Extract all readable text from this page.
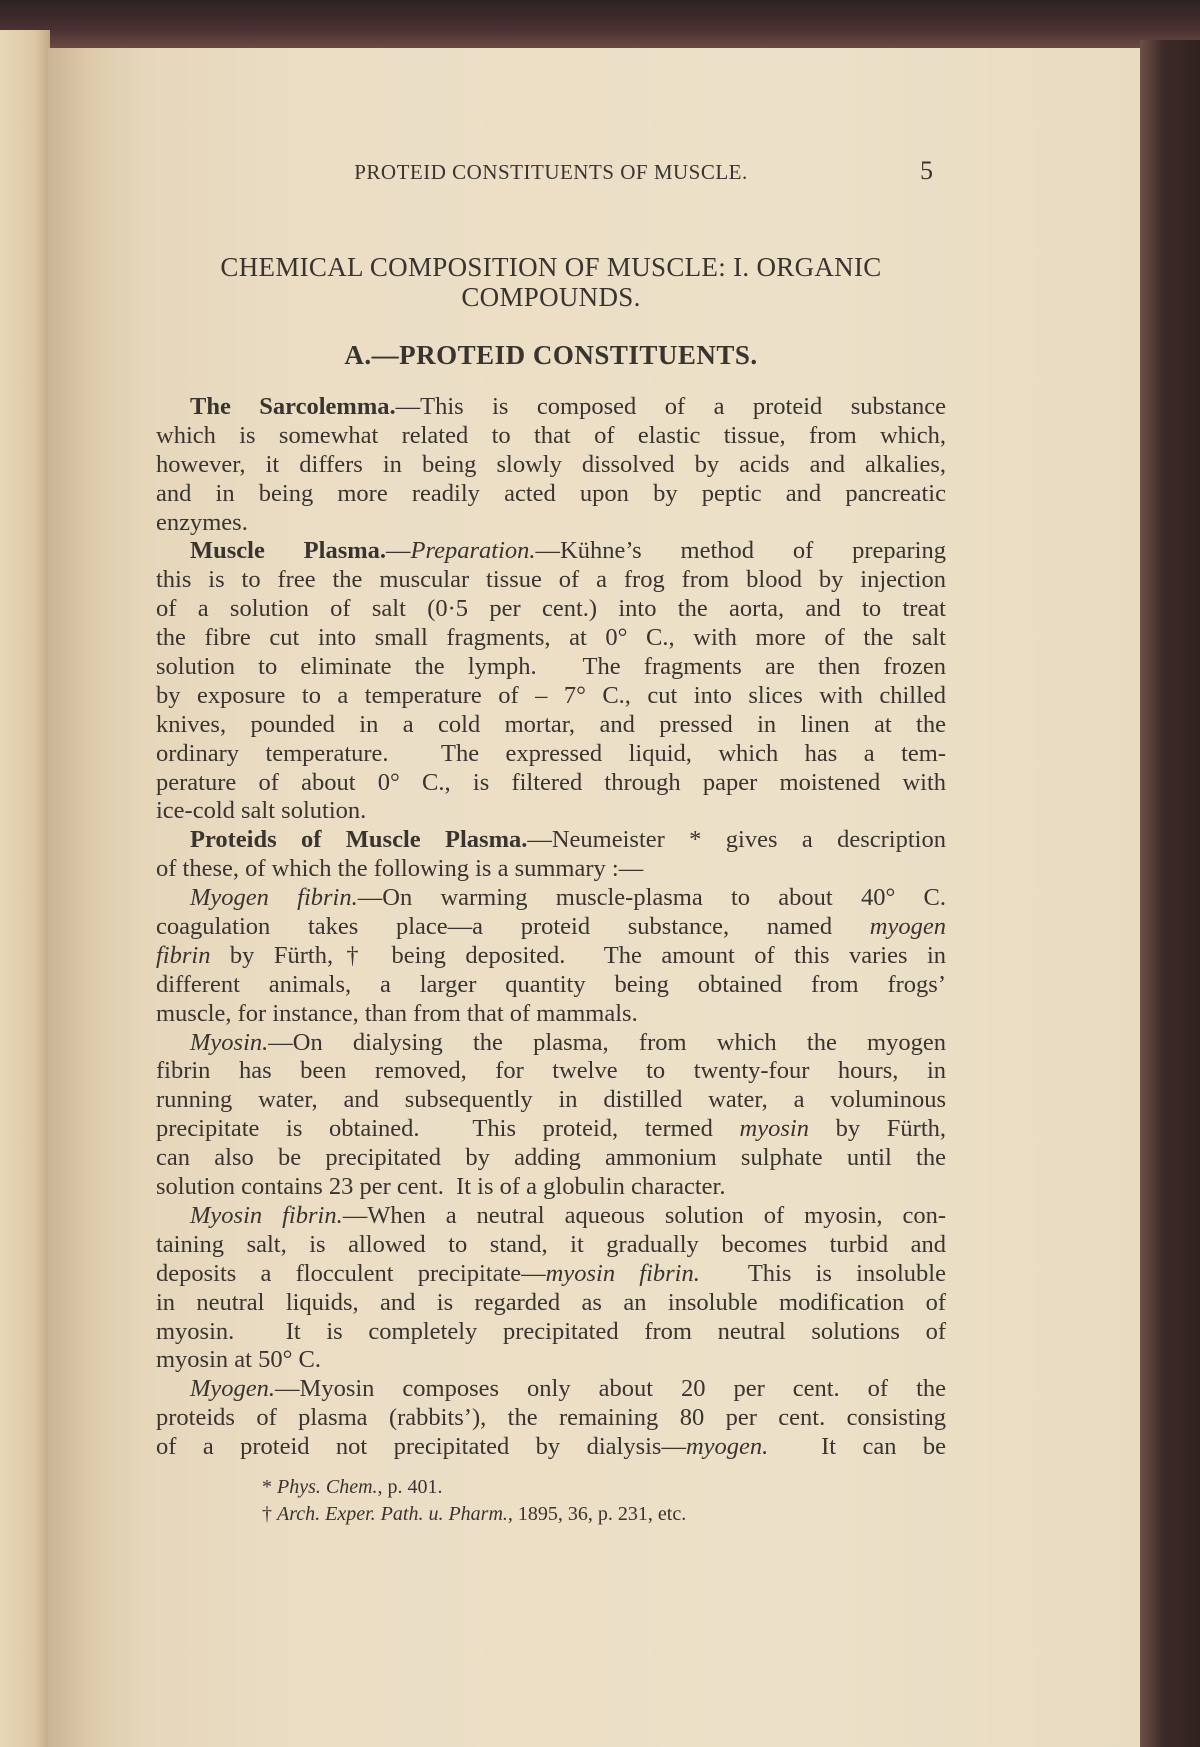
PROTEID CONSTITUENTS OF MUSCLE.	5
CHEMICAL COMPOSITION OF MUSCLE: I. ORGANIC
COMPOUNDS.
A.—PROTEID CONSTITUENTS.
The Sarcolemma.—This is composed of a proteid substance
which is somewhat related to that of elastic tissue, from which,
however, it differs in being slowly dissolved by acids and alkalies,
and in being more readily acted upon by peptic and pancreatic
enzymes.
Muscle Plasma.—Preparation.—Kühne’s method of preparing
this is to free the muscular tissue of a frog from blood by injection
of a solution of salt (0·5 per cent.) into the aorta, and to treat
the fibre cut into small fragments, at 0° C., with more of the salt
solution to eliminate the lymph.  The fragments are then frozen
by exposure to a temperature of – 7° C., cut into slices with chilled
knives, pounded in a cold mortar, and pressed in linen at the
ordinary temperature.  The expressed liquid, which has a tem-
perature of about 0° C., is filtered through paper moistened with
ice-cold salt solution.
Proteids of Muscle Plasma.—Neumeister * gives a description
of these, of which the following is a summary :—
Myogen fibrin.—On warming muscle-plasma to about 40° C.
coagulation takes place—a proteid substance, named myogen
fibrin by Fürth,† being deposited.  The amount of this varies in
different animals, a larger quantity being obtained from frogs’
muscle, for instance, than from that of mammals.
Myosin.—On dialysing the plasma, from which the myogen
fibrin has been removed, for twelve to twenty-four hours, in
running water, and subsequently in distilled water, a voluminous
precipitate is obtained.  This proteid, termed myosin by Fürth,
can also be precipitated by adding ammonium sulphate until the
solution contains 23 per cent.  It is of a globulin character.
Myosin fibrin.—When a neutral aqueous solution of myosin, con-
taining salt, is allowed to stand, it gradually becomes turbid and
deposits a flocculent precipitate—myosin fibrin.  This is insoluble
in neutral liquids, and is regarded as an insoluble modification of
myosin.  It is completely precipitated from neutral solutions of
myosin at 50° C.
Myogen.—Myosin composes only about 20 per cent. of the
proteids of plasma (rabbits’), the remaining 80 per cent. consisting
of a proteid not precipitated by dialysis—myogen.  It can be
* Phys. Chem., p. 401.
† Arch. Exper. Path. u. Pharm., 1895, 36, p. 231, etc.
